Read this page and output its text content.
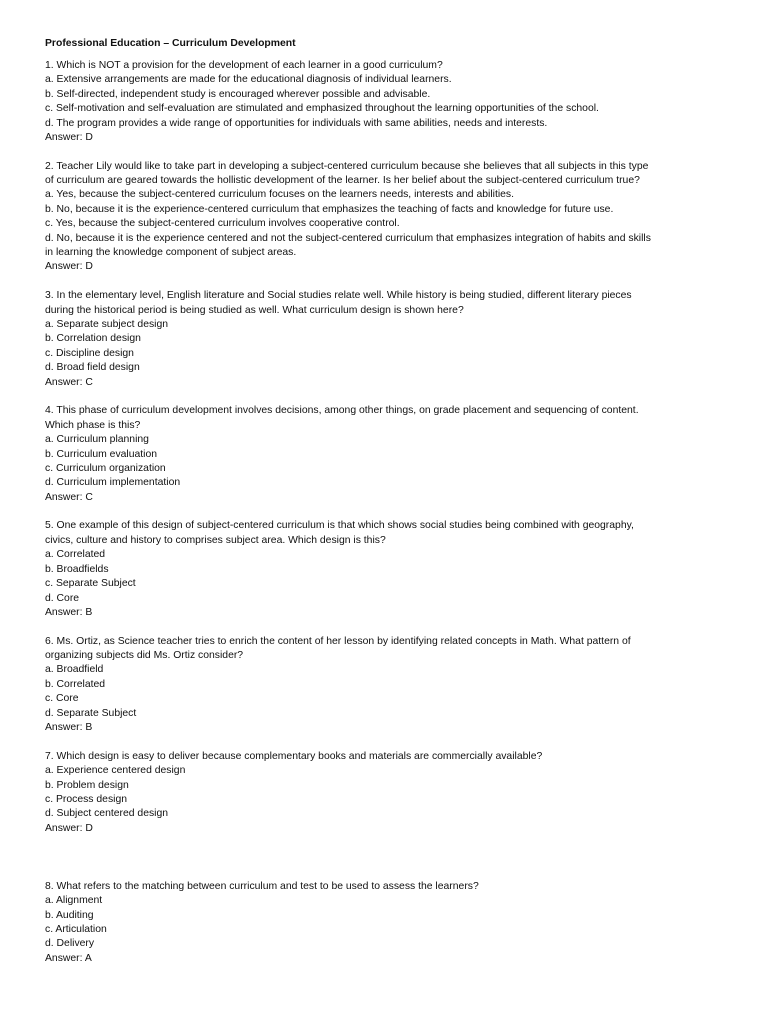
Professional Education – Curriculum Development
1. Which is NOT a provision for the development of each learner in a good curriculum?
a. Extensive arrangements are made for the educational diagnosis of individual learners.
b. Self-directed, independent study is encouraged wherever possible and advisable.
c. Self-motivation and self-evaluation are stimulated and emphasized throughout the learning opportunities of the school.
d. The program provides a wide range of opportunities for individuals with same abilities, needs and interests.
Answer: D
2. Teacher Lily would like to take part in developing a subject-centered curriculum because she believes that all subjects in this type
of curriculum are geared towards the hollistic development of the learner. Is her belief about the subject-centered curriculum true?
a. Yes, because the subject-centered curriculum focuses on the learners needs, interests and abilities.
b. No, because it is the experience-centered curriculum that emphasizes the teaching of facts and knowledge for future use.
c. Yes, because the subject-centered curriculum involves cooperative control.
d. No, because it is the experience centered and not the subject-centered curriculum that emphasizes integration of habits and skills
in learning the knowledge component of subject areas.
Answer: D
3. In the elementary level, English literature and Social studies relate well. While history is being studied, different literary pieces
during the historical period is being studied as well. What curriculum design is shown here?
a. Separate subject design
b. Correlation design
c. Discipline design
d. Broad field design
Answer: C
4. This phase of curriculum development involves decisions, among other things, on grade placement and sequencing of content.
Which phase is this?
a. Curriculum planning
b. Curriculum evaluation
c. Curriculum organization
d. Curriculum implementation
Answer: C
5. One example of this design of subject-centered curriculum is that which shows social studies being combined with geography,
civics, culture and history to comprises subject area. Which design is this?
a. Correlated
b. Broadfields
c. Separate Subject
d. Core
Answer: B
6. Ms. Ortiz, as Science teacher tries to enrich the content of her lesson by identifying related concepts in Math. What pattern of
organizing subjects did Ms. Ortiz consider?
a. Broadfield
b. Correlated
c. Core
d. Separate Subject
Answer: B
7. Which design is easy to deliver because complementary books and materials are commercially available?
a. Experience centered design
b. Problem design
c. Process design
d. Subject centered design
Answer: D
8. What refers to the matching between curriculum and test to be used to assess the learners?
a. Alignment
b. Auditing
c. Articulation
d. Delivery
Answer: A
